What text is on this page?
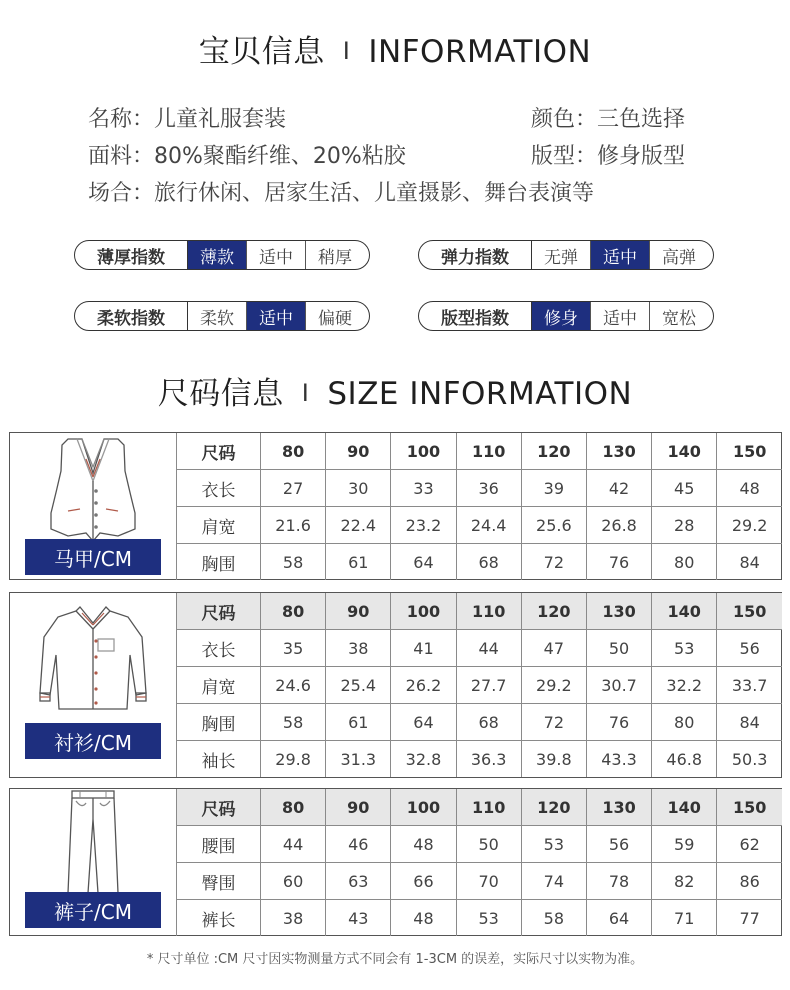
宝贝信息 I INFORMATION
名称：儿童礼服套装
面料：80%聚酯纤维、20%粘胶
场合：旅行休闲、居家生活、儿童摄影、舞台表演等
颜色：三色选择
版型：修身版型
薄厚指数	薄款	适中	稍厚	弹力指数	无弹	适中	高弹
柔软指数	柔软	适中	偏硬	版型指数	修身	适中	宽松
尺码信息 I SIZE INFORMATION
马甲/CM
尺码	80	90	100	110	120	130	140	150
衣长	27	30	33	36	39	42	45	48
肩宽	21.6	22.4	23.2	24.4	25.6	26.8	28	29.2
胸围	58	61	64	68	72	76	80	84
衬衫/CM
尺码	80	90	100	110	120	130	140	150
衣长	35	38	41	44	47	50	53	56
肩宽	24.6	25.4	26.2	27.7	29.2	30.7	32.2	33.7
胸围	58	61	64	68	72	76	80	84
袖长	29.8	31.3	32.8	36.3	39.8	43.3	46.8	50.3
裤子/CM
尺码	80	90	100	110	120	130	140	150
腰围	44	46	48	50	53	56	59	62
臀围	60	63	66	70	74	78	82	86
裤长	38	43	48	53	58	64	71	77
* 尺寸单位 :CM 尺寸因实物测量方式不同会有 1-3CM 的误差，实际尺寸以实物为准。
